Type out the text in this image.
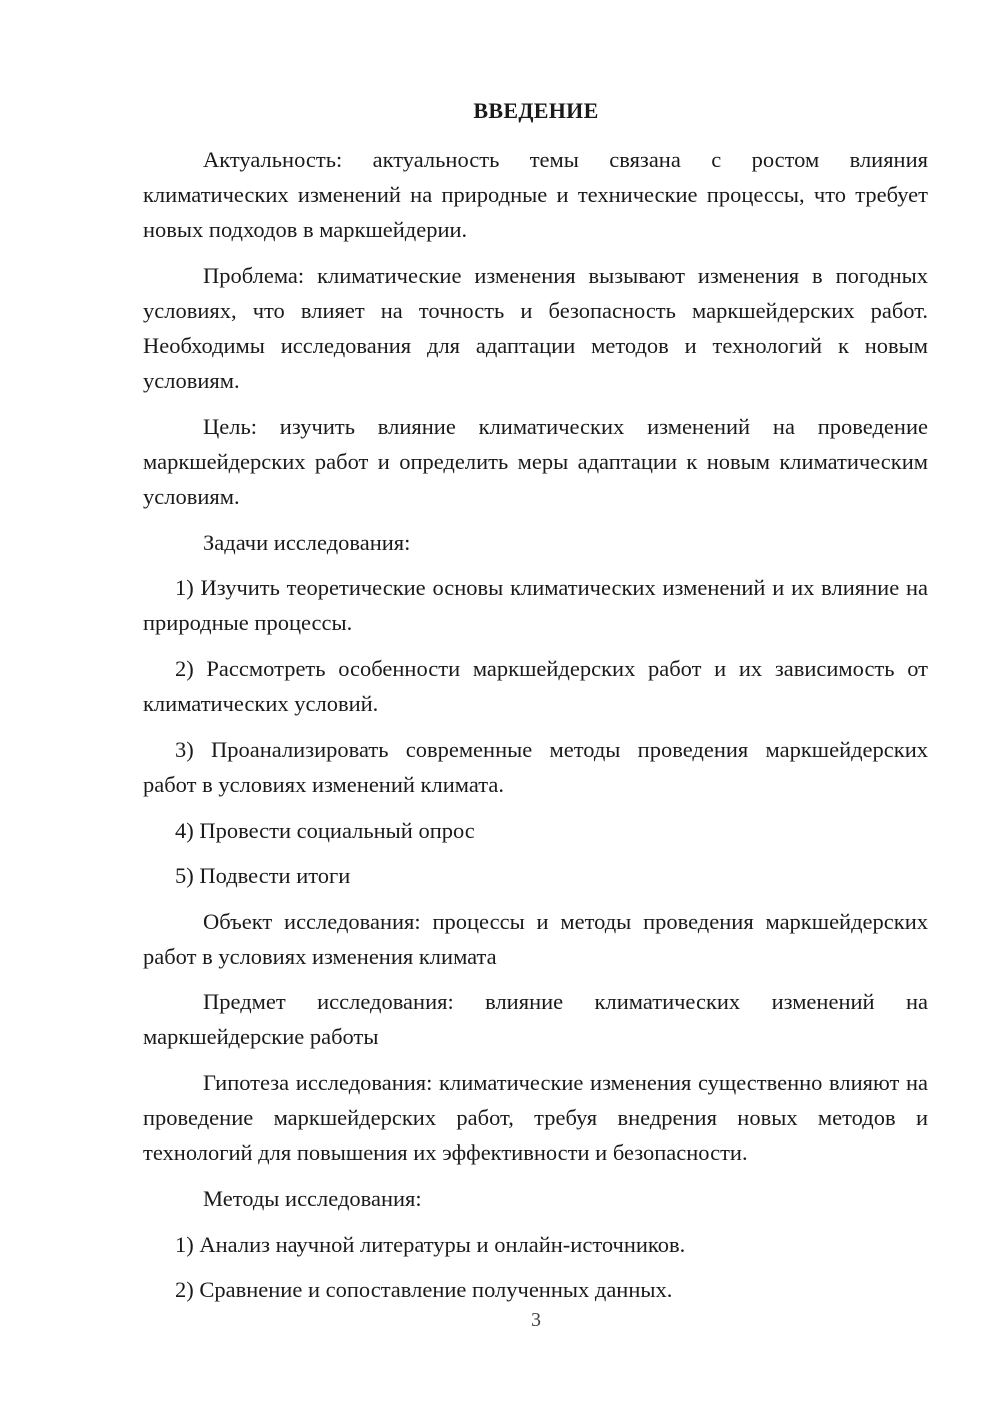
ВВЕДЕНИЕ

Актуальность: актуальность темы связана с ростом влияния климатических изменений на природные и технические процессы, что требует новых подходов в маркшейдерии.

Проблема: климатические изменения вызывают изменения в погодных условиях, что влияет на точность и безопасность маркшейдерских работ. Необходимы исследования для адаптации методов и технологий к новым условиям.

Цель: изучить влияние климатических изменений на проведение маркшейдерских работ и определить меры адаптации к новым климатическим условиям.

Задачи исследования:

1) Изучить теоретические основы климатических изменений и их влияние на природные процессы.

2) Рассмотреть особенности маркшейдерских работ и их зависимость от климатических условий.

3) Проанализировать современные методы проведения маркшейдерских работ в условиях изменений климата.

4) Провести социальный опрос

5) Подвести итоги

Объект исследования: процессы и методы проведения маркшейдерских работ в условиях изменения климата

Предмет исследования: влияние климатических изменений на маркшейдерские работы

Гипотеза исследования: климатические изменения существенно влияют на проведение маркшейдерских работ, требуя внедрения новых методов и технологий для повышения их эффективности и безопасности.

Методы исследования:

1) Анализ научной литературы и онлайн-источников.

2) Сравнение и сопоставление полученных данных.

3
